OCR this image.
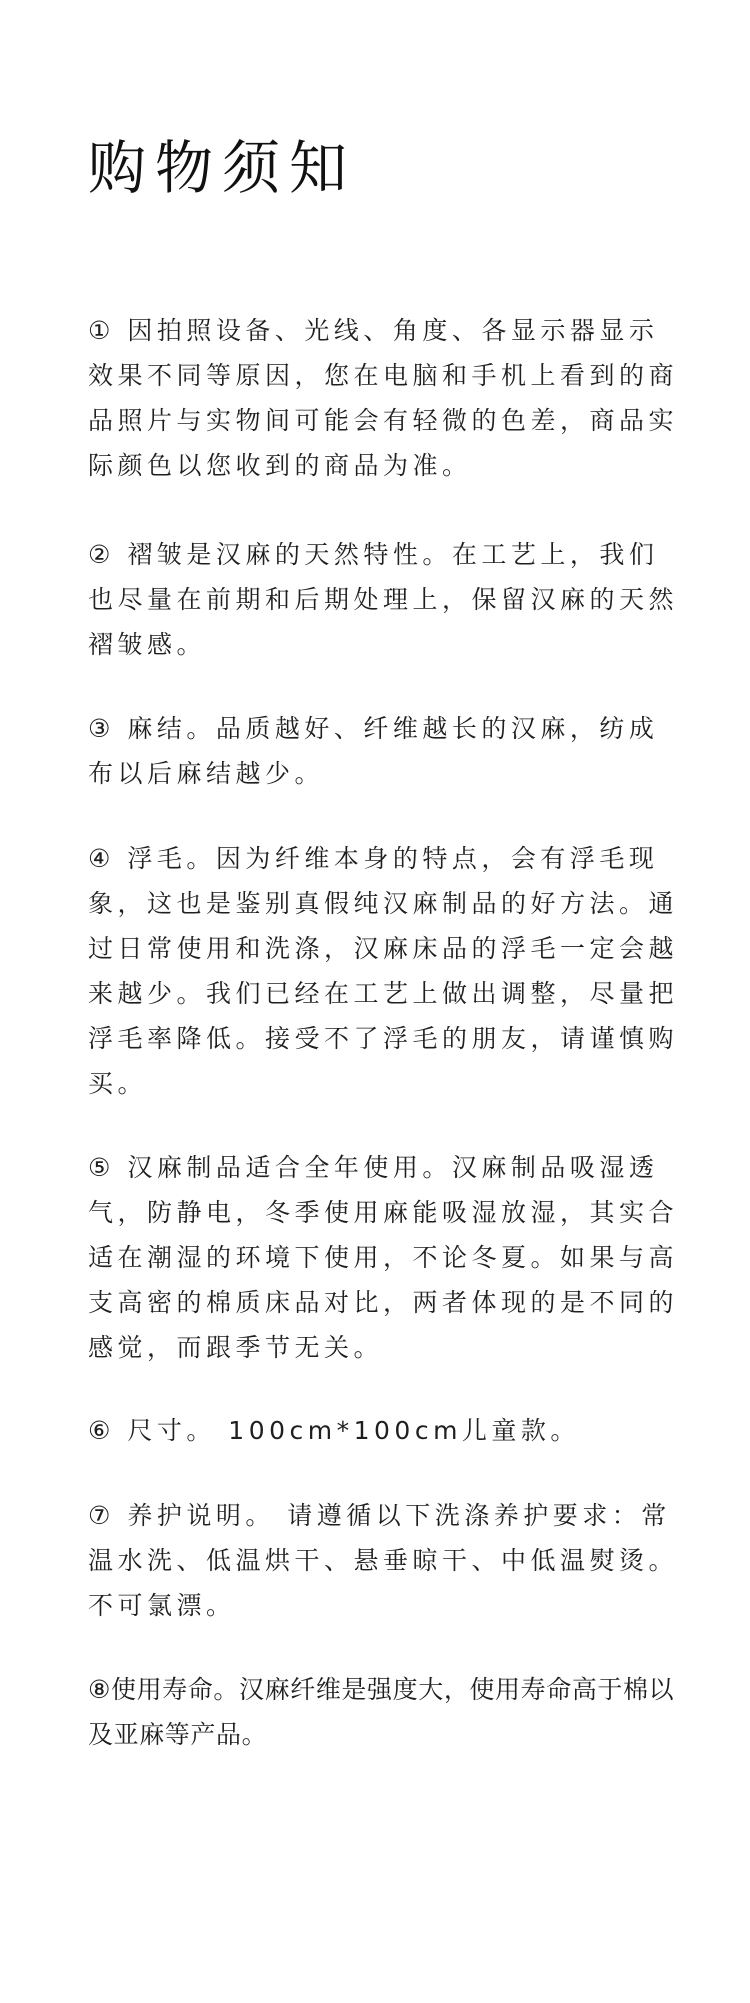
购物须知

① 因拍照设备、光线、角度、各显示器显示效果不同等原因，您在电脑和手机上看到的商品照片与实物间可能会有轻微的色差，商品实际颜色以您收到的商品为准。

② 褶皱是汉麻的天然特性。在工艺上，我们也尽量在前期和后期处理上，保留汉麻的天然褶皱感。

③ 麻结。品质越好、纤维越长的汉麻，纺成布以后麻结越少。

④ 浮毛。因为纤维本身的特点，会有浮毛现象，这也是鉴别真假纯汉麻制品的好方法。通过日常使用和洗涤，汉麻床品的浮毛一定会越来越少。我们已经在工艺上做出调整，尽量把浮毛率降低。接受不了浮毛的朋友，请谨慎购买。

⑤ 汉麻制品适合全年使用。汉麻制品吸湿透气，防静电，冬季使用麻能吸湿放湿，其实合适在潮湿的环境下使用，不论冬夏。如果与高支高密的棉质床品对比，两者体现的是不同的感觉，而跟季节无关。

⑥ 尺寸。 100cm*100cm儿童款。

⑦ 养护说明。 请遵循以下洗涤养护要求：常温水洗、低温烘干、悬垂晾干、中低温熨烫。不可氯漂。

⑧使用寿命。汉麻纤维是强度大，使用寿命高于棉以及亚麻等产品。
